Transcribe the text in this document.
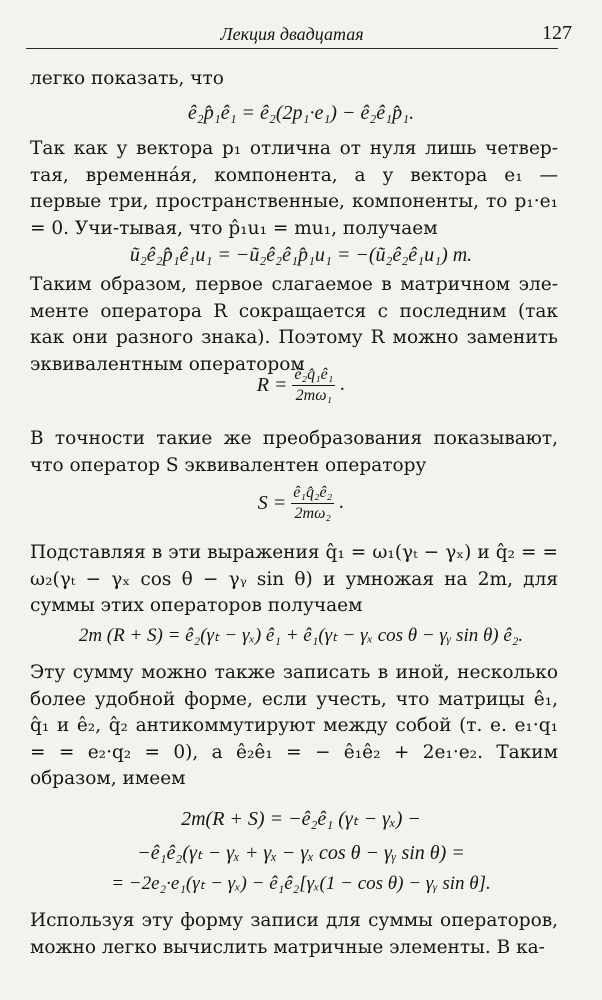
Лекция двадцатая	127
легко показать, что
ê₂p̂₁ê₁ = ê₂(2p₁·e₁) − ê₂ê₁p̂₁.
Так как у вектора p₁ отлична от нуля лишь четвер-тая, временна́я, компонента, а у вектора e₁ — первые три, пространственные, компоненты, то p₁·e₁ = 0. Учи-тывая, что p̂₁u₁ = mu₁, получаем
ũ₂ê₂p̂₁ê₁u₁ = −ũ₂ê₂ê₁p̂₁u₁ = −(ũ₂ê₂ê₁u₁) m.
Таким образом, первое слагаемое в матричном эле-менте оператора R сокращается с последним (так как они разного знака). Поэтому R можно заменить эквивалентным оператором
$R = \frac{\text{ê₂q̂₁ê₁}}{\text{2mω₁}}$ .
В точности такие же преобразования показывают, что оператор S эквивалентен оператору
$S = \frac{\text{ê₁q̂₂ê₂}}{\text{2mω₂}}$ .
Подставляя в эти выражения q̂₁ = ω₁(γₜ − γₓ) и q̂₂ = = ω₂(γₜ − γₓ cos θ − γᵧ sin θ) и умножая на 2m, для суммы этих операторов получаем
2m (R + S) = ê₂(γₜ − γₓ) ê₁ + ê₁(γₜ − γₓ cos θ − γᵧ sin θ) ê₂.
Эту сумму можно также записать в иной, несколько более удобной форме, если учесть, что матрицы ê₁, q̂₁ и ê₂, q̂₂ антикоммутируют между собой (т. е. e₁·q₁ = = e₂·q₂ = 0), а ê₂ê₁ = − ê₁ê₂ + 2e₁·e₂. Таким образом, имеем
2m(R + S) = −ê₂ê₁ (γₜ − γₓ) −
−ê₁ê₂(γₜ − γₓ + γₓ − γₓ cos θ − γᵧ sin θ) =
= −2e₂·e₁(γₜ − γₓ) − ê₁ê₂[γₓ(1 − cos θ) − γᵧ sin θ].
Используя эту форму записи для суммы операторов, можно легко вычислить матричные элементы. В ка-
